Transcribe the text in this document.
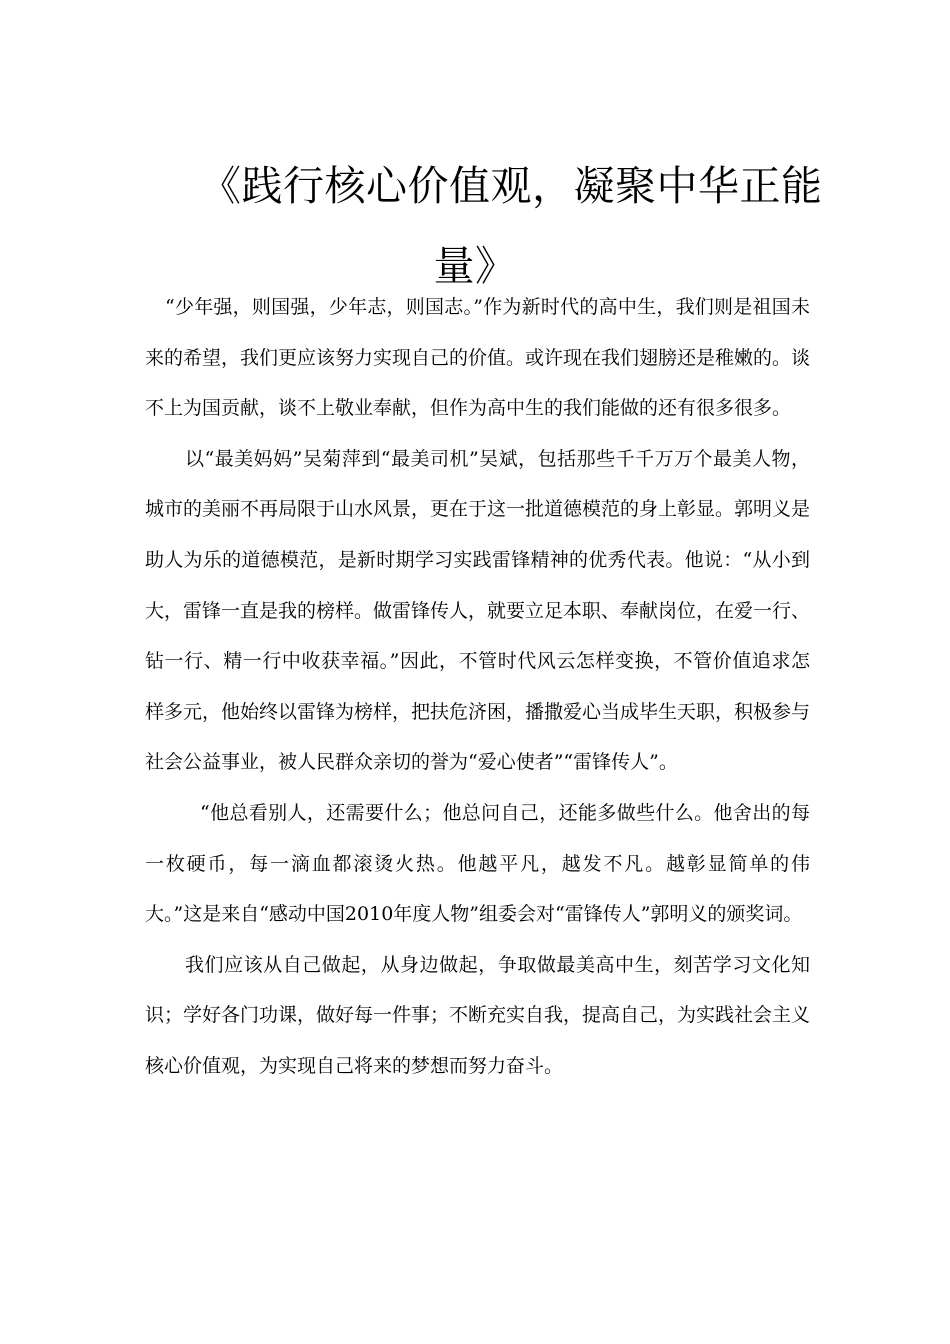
《践行核心价值观，凝聚中华正能
量》

“少年强，则国强，少年志，则国志。”作为新时代的高中生，我们则是祖国未来的希望，我们更应该努力实现自己的价值。或许现在我们翅膀还是稚嫩的。谈不上为国贡献，谈不上敬业奉献，但作为高中生的我们能做的还有很多很多。

以“最美妈妈”吴菊萍到“最美司机”吴斌，包括那些千千万万个最美人物，城市的美丽不再局限于山水风景，更在于这一批道德模范的身上彰显。郭明义是助人为乐的道德模范，是新时期学习实践雷锋精神的优秀代表。他说：“从小到大，雷锋一直是我的榜样。做雷锋传人，就要立足本职、奉献岗位，在爱一行、钻一行、精一行中收获幸福。”因此，不管时代风云怎样变换，不管价值追求怎样多元，他始终以雷锋为榜样，把扶危济困，播撒爱心当成毕生天职，积极参与社会公益事业，被人民群众亲切的誉为“爱心使者”“雷锋传人”。

“他总看别人，还需要什么；他总问自己，还能多做些什么。他舍出的每一枚硬币，每一滴血都滚烫火热。他越平凡，越发不凡。越彰显简单的伟大。”这是来自“感动中国2010年度人物”组委会对“雷锋传人”郭明义的颁奖词。

我们应该从自己做起，从身边做起，争取做最美高中生，刻苦学习文化知识；学好各门功课，做好每一件事；不断充实自我，提高自己，为实践社会主义核心价值观，为实现自己将来的梦想而努力奋斗。
